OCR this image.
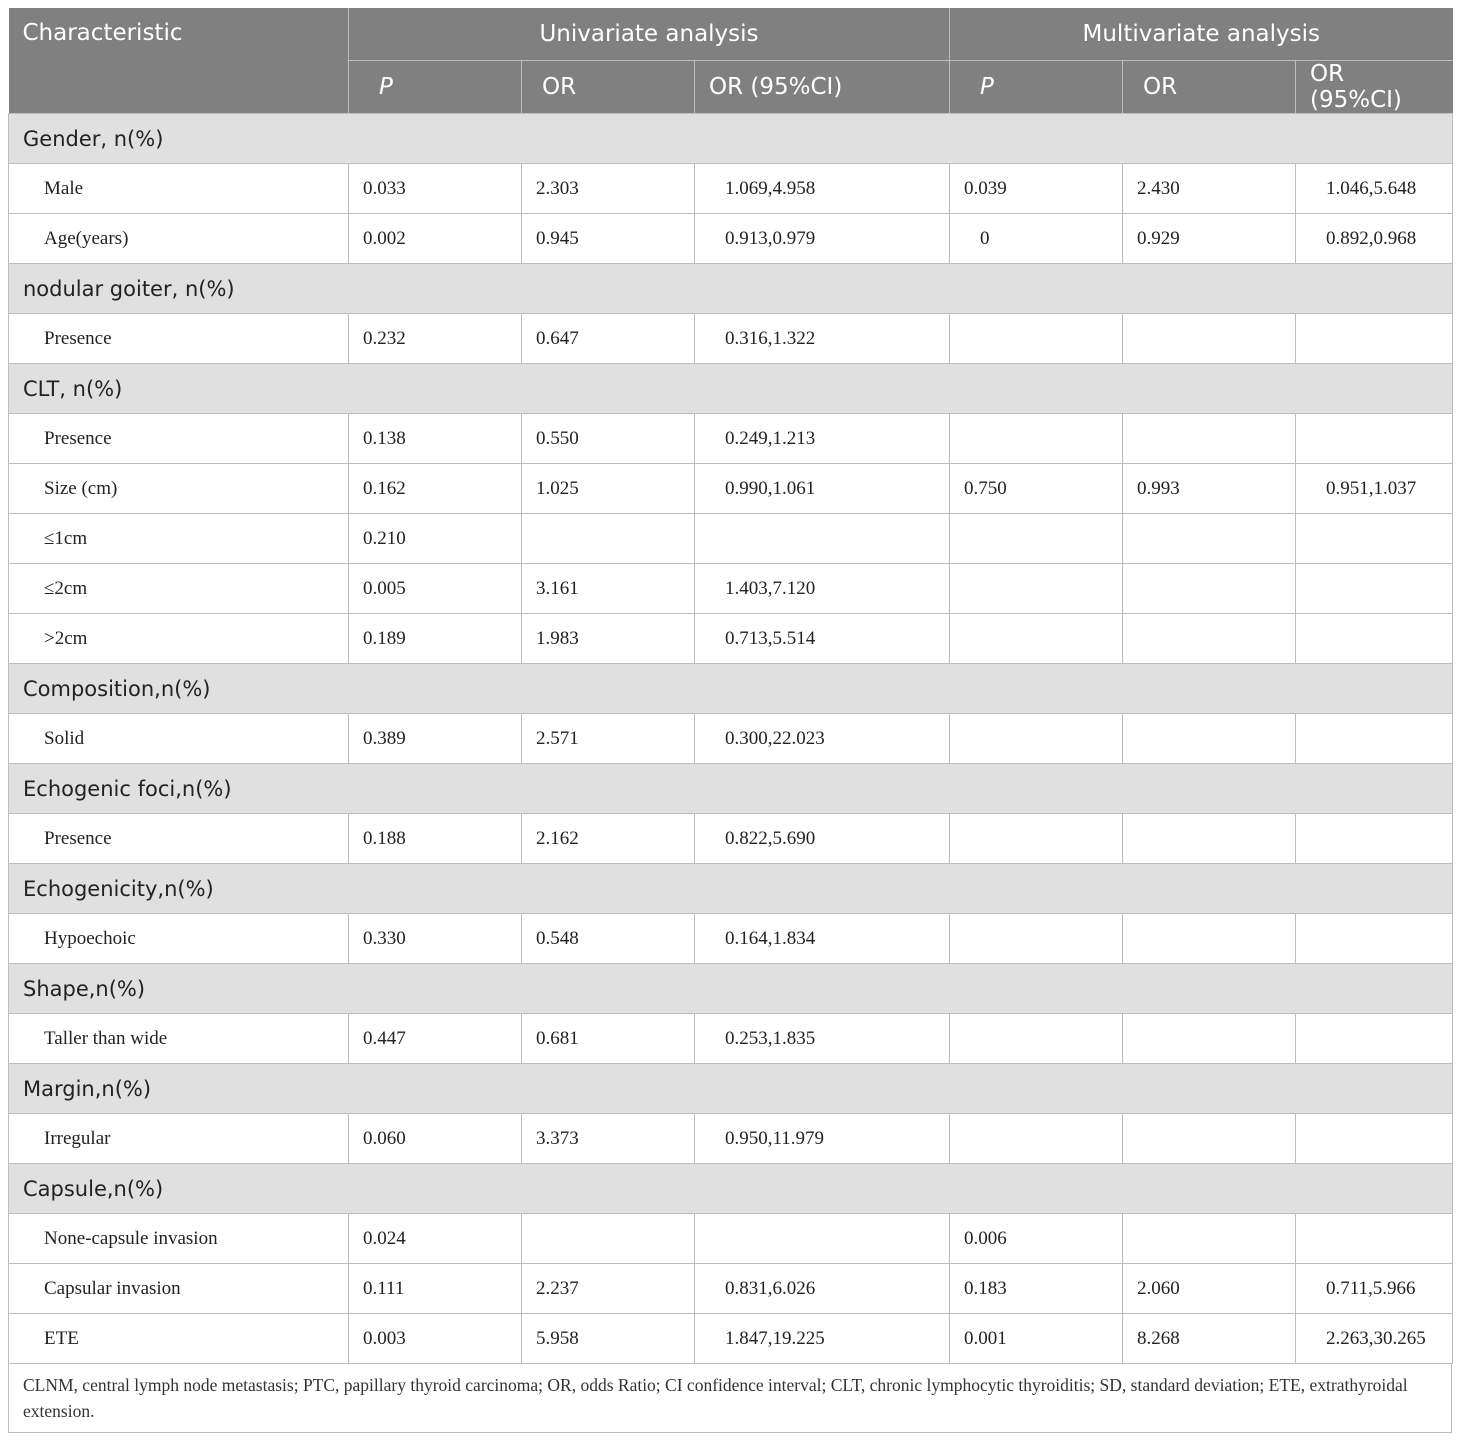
Characteristic	Univariate analysis			Multivariate analysis		
	P	OR	OR (95%CI)	P	OR	OR (95%CI)
Gender, n(%)						
Male	0.033	2.303	1.069,4.958	0.039	2.430	1.046,5.648
Age(years)	0.002	0.945	0.913,0.979	0	0.929	0.892,0.968
nodular goiter, n(%)						
Presence	0.232	0.647	0.316,1.322			
CLT, n(%)						
Presence	0.138	0.550	0.249,1.213			
Size (cm)	0.162	1.025	0.990,1.061	0.750	0.993	0.951,1.037
≤1cm	0.210					
≤2cm	0.005	3.161	1.403,7.120			
>2cm	0.189	1.983	0.713,5.514			
Composition,n(%)						
Solid	0.389	2.571	0.300,22.023			
Echogenic foci,n(%)						
Presence	0.188	2.162	0.822,5.690			
Echogenicity,n(%)						
Hypoechoic	0.330	0.548	0.164,1.834			
Shape,n(%)						
Taller than wide	0.447	0.681	0.253,1.835			
Margin,n(%)						
Irregular	0.060	3.373	0.950,11.979			
Capsule,n(%)						
None-capsule invasion	0.024			0.006		
Capsular invasion	0.111	2.237	0.831,6.026	0.183	2.060	0.711,5.966
ETE	0.003	5.958	1.847,19.225	0.001	8.268	2.263,30.265
CLNM, central lymph node metastasis; PTC, papillary thyroid carcinoma; OR, odds Ratio; CI confidence interval; CLT, chronic lymphocytic thyroiditis; SD, standard deviation; ETE, extrathyroidal extension.
